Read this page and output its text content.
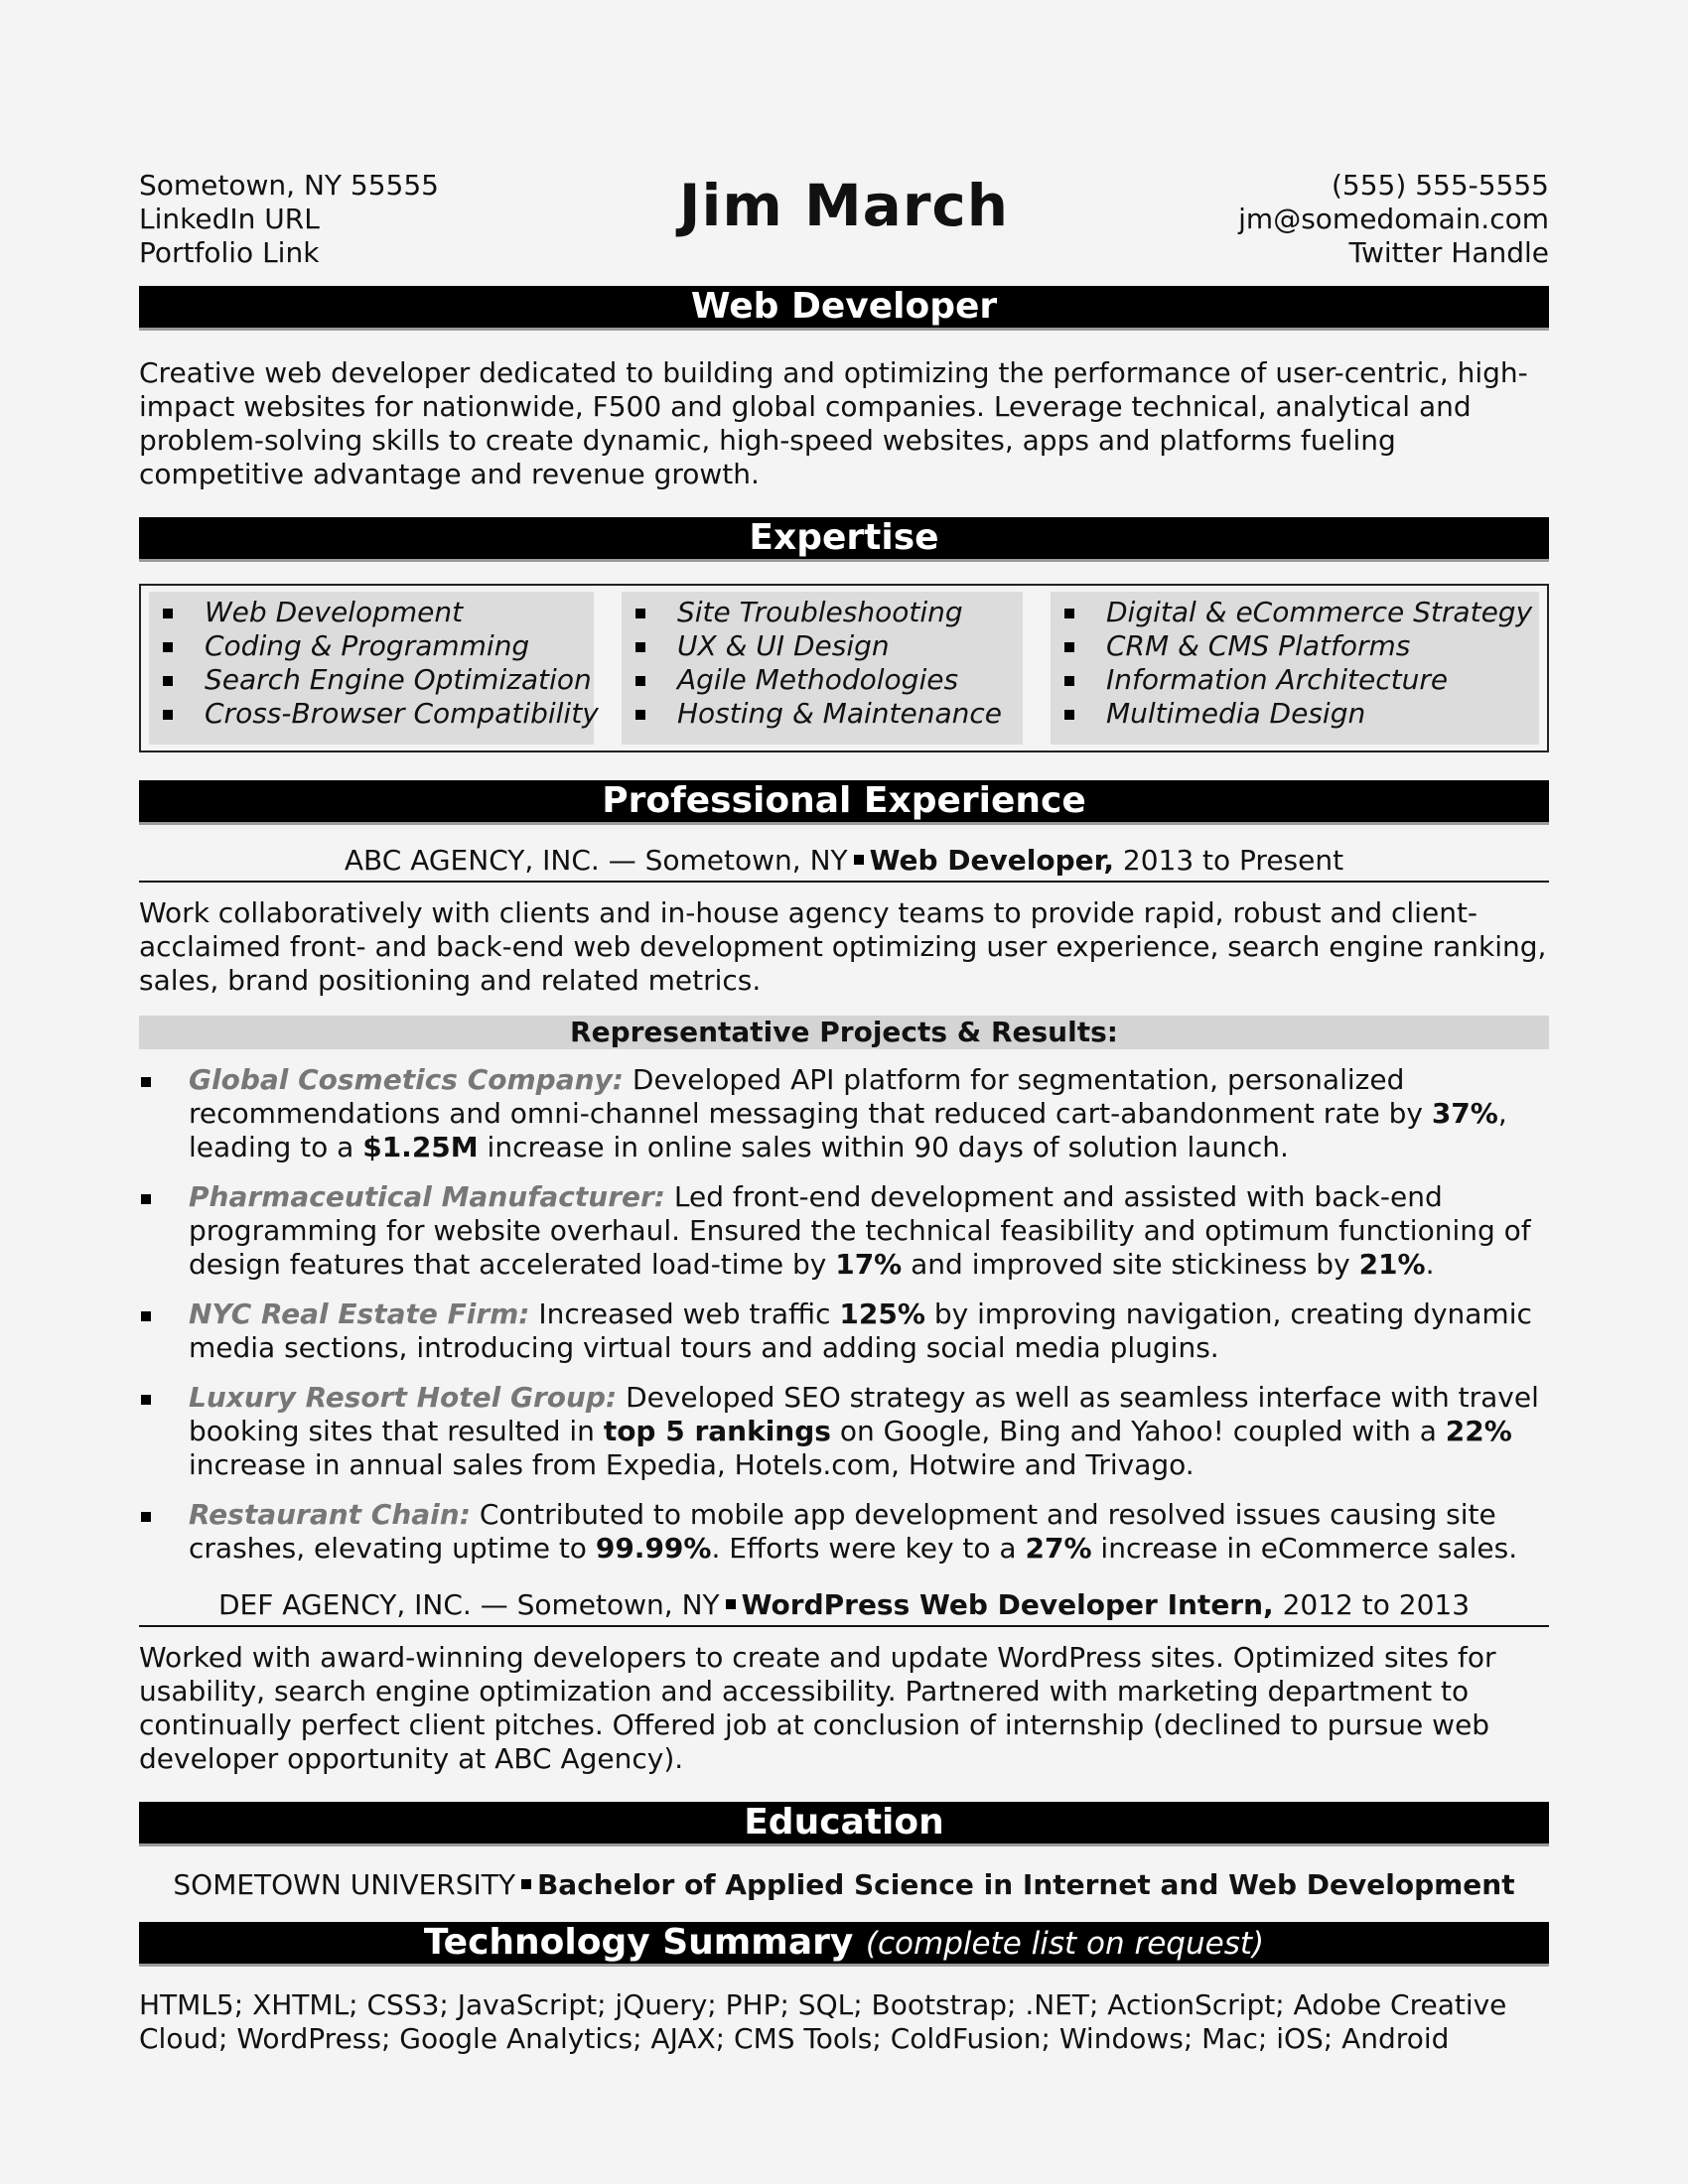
Sometown, NY 55555
LinkedIn URL
Portfolio Link
Jim March	(555) 555-5555
jm@somedomain.com
Twitter Handle
Web Developer

Creative web developer dedicated to building and optimizing the performance of user-centric, high-impact websites for nationwide, F500 and global companies. Leverage technical, analytical and problem-solving skills to create dynamic, high-speed websites, apps and platforms fueling competitive advantage and revenue growth.

Expertise
Web Development
Coding & Programming
Search Engine Optimization
Cross-Browser Compatibility
Site Troubleshooting
UX & UI Design
Agile Methodologies
Hosting & Maintenance
Digital & eCommerce Strategy
CRM & CMS Platforms
Information Architecture
Multimedia Design
Professional Experience
ABC AGENCY, INC. — Sometown, NY Web Developer, 2013 to Present

Work collaboratively with clients and in-house agency teams to provide rapid, robust and client-acclaimed front- and back-end web development optimizing user experience, search engine ranking, sales, brand positioning and related metrics.

Representative Projects & Results:
Global Cosmetics Company: Developed API platform for segmentation, personalized recommendations and omni-channel messaging that reduced cart-abandonment rate by 37%, leading to a $1.25M increase in online sales within 90 days of solution launch.
Pharmaceutical Manufacturer: Led front-end development and assisted with back-end programming for website overhaul. Ensured the technical feasibility and optimum functioning of design features that accelerated load-time by 17% and improved site stickiness by 21%.
NYC Real Estate Firm: Increased web traffic 125% by improving navigation, creating dynamic media sections, introducing virtual tours and adding social media plugins.
Luxury Resort Hotel Group: Developed SEO strategy as well as seamless interface with travel booking sites that resulted in top 5 rankings on Google, Bing and Yahoo! coupled with a 22% increase in annual sales from Expedia, Hotels.com, Hotwire and Trivago.
Restaurant Chain: Contributed to mobile app development and resolved issues causing site crashes, elevating uptime to 99.99%. Efforts were key to a 27% increase in eCommerce sales.
DEF AGENCY, INC. — Sometown, NY WordPress Web Developer Intern, 2012 to 2013

Worked with award-winning developers to create and update WordPress sites. Optimized sites for usability, search engine optimization and accessibility. Partnered with marketing department to continually perfect client pitches. Offered job at conclusion of internship (declined to pursue web developer opportunity at ABC Agency).

Education
SOMETOWN UNIVERSITY Bachelor of Applied Science in Internet and Web Development
Technology Summary (complete list on request)

HTML5; XHTML; CSS3; JavaScript; jQuery; PHP; SQL; Bootstrap; .NET; ActionScript; Adobe Creative Cloud; WordPress; Google Analytics; AJAX; CMS Tools; ColdFusion; Windows; Mac; iOS; Android
